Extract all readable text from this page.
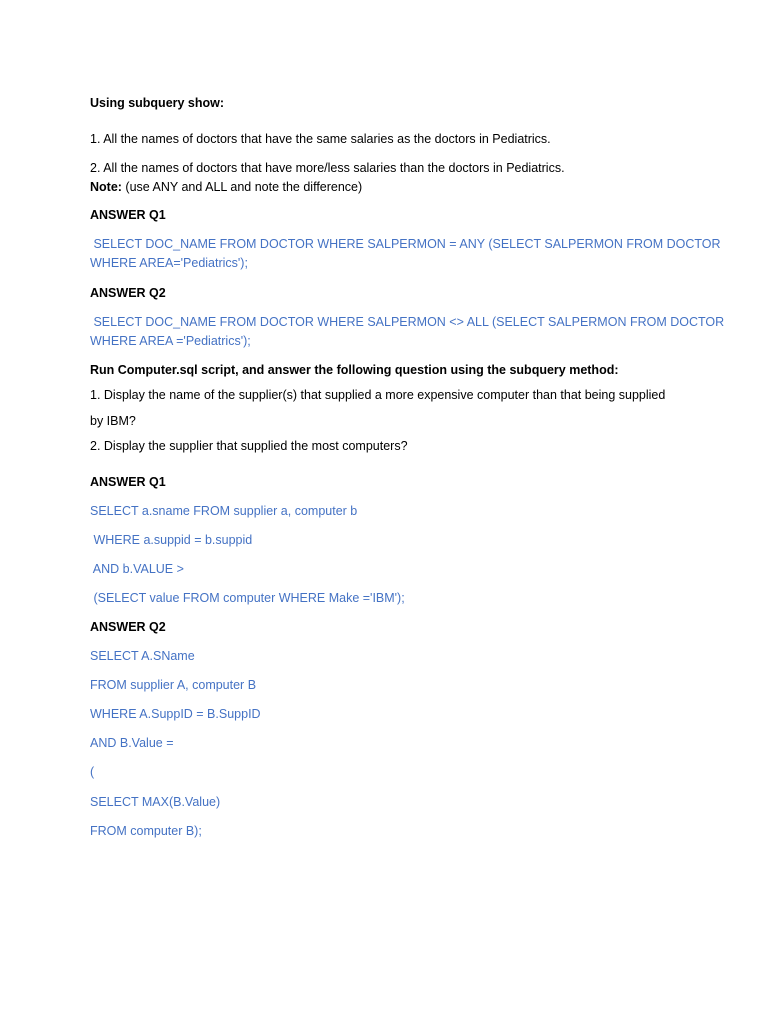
Using subquery show:
1. All the names of doctors that have the same salaries as the doctors in Pediatrics.
2. All the names of doctors that have more/less salaries than the doctors in Pediatrics.
Note: (use ANY and ALL and note the difference)
ANSWER Q1
SELECT DOC_NAME FROM DOCTOR WHERE SALPERMON = ANY (SELECT SALPERMON FROM DOCTOR
WHERE AREA='Pediatrics');
ANSWER Q2
SELECT DOC_NAME FROM DOCTOR WHERE SALPERMON <> ALL (SELECT SALPERMON FROM DOCTOR
WHERE AREA ='Pediatrics');
Run Computer.sql script, and answer the following question using the subquery method:
1. Display the name of the supplier(s) that supplied a more expensive computer than that being supplied
by IBM?
2. Display the supplier that supplied the most computers?
ANSWER Q1
SELECT a.sname FROM supplier a, computer b
WHERE a.suppid = b.suppid
AND b.VALUE >
(SELECT value FROM computer WHERE Make ='IBM');
ANSWER Q2
SELECT A.SName
FROM supplier A, computer B
WHERE A.SuppID = B.SuppID
AND B.Value =
(
SELECT MAX(B.Value)
FROM computer B);
